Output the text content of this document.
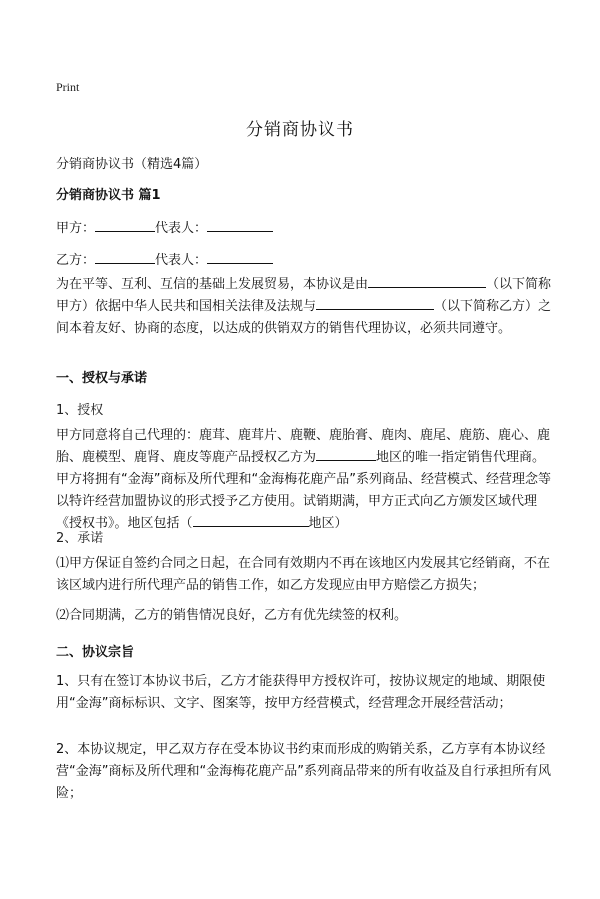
Print
分销商协议书
分销商协议书（精选4篇）
分销商协议书 篇1
甲方：	代表人：
乙方：	代表人：
为在平等、互利、互信的基础上发展贸易，本协议是由	（以下简称甲方）依据中华人民共和国相关法律及法规与	（以下简称乙方）之间本着友好、协商的态度，以达成的供销双方的销售代理协议，必须共同遵守。
一、授权与承诺
1、授权
甲方同意将自己代理的：鹿茸、鹿茸片、鹿鞭、鹿胎膏、鹿肉、鹿尾、鹿筋、鹿心、鹿胎、鹿模型、鹿肾、鹿皮等鹿产品授权乙方为	地区的唯一指定销售代理商。甲方将拥有“金海”商标及所代理和“金海梅花鹿产品”系列商品、经营模式、经营理念等以特许经营加盟协议的形式授予乙方使用。试销期满，甲方正式向乙方颁发区域代理《授权书》。地区包括（	地区）
2、承诺
⑴甲方保证自签约合同之日起，在合同有效期内不再在该地区内发展其它经销商，不在该区域内进行所代理产品的销售工作，如乙方发现应由甲方赔偿乙方损失；
⑵合同期满，乙方的销售情况良好，乙方有优先续签的权利。
二、协议宗旨
1、只有在签订本协议书后，乙方才能获得甲方授权许可，按协议规定的地域、期限使用“金海”商标标识、文字、图案等，按甲方经营模式，经营理念开展经营活动；
2、本协议规定，甲乙双方存在受本协议书约束而形成的购销关系，乙方享有本协议经营“金海”商标及所代理和“金海梅花鹿产品”系列商品带来的所有收益及自行承担所有风险；
